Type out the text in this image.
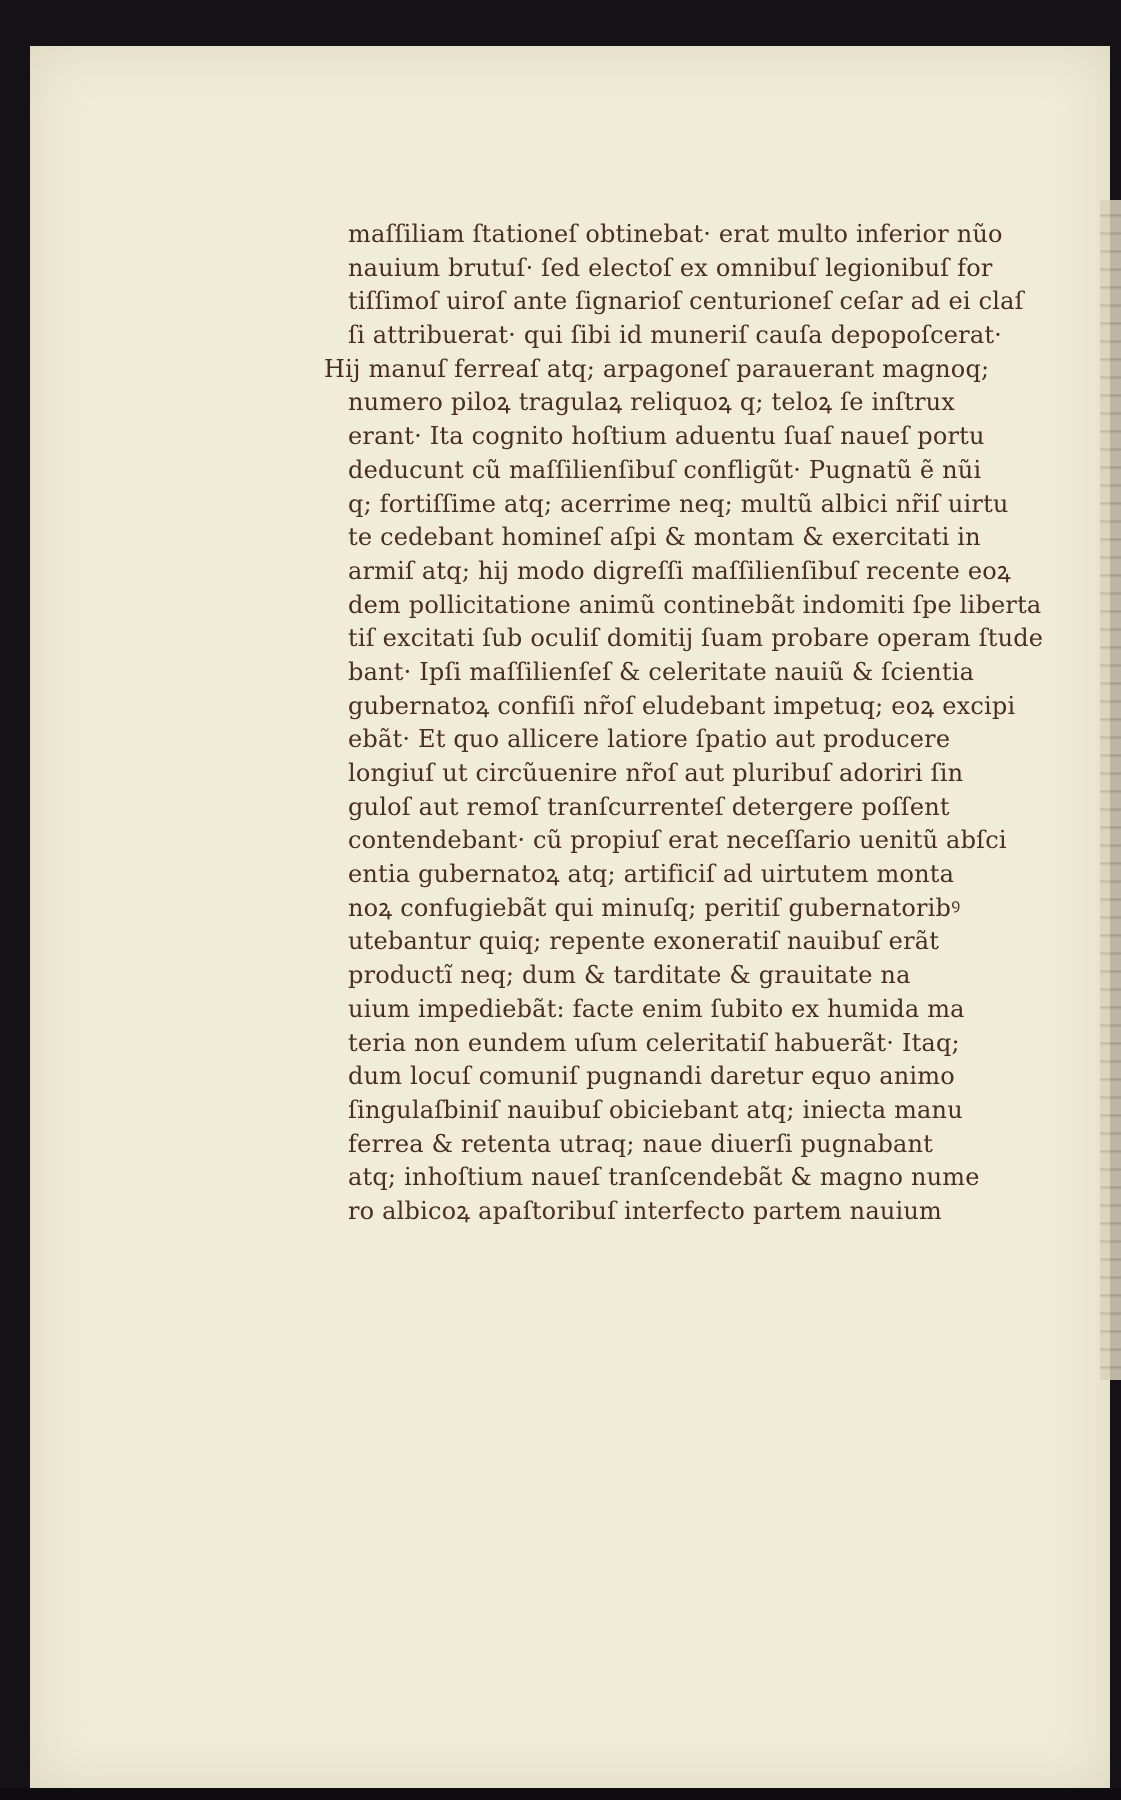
maſſiliam ſtationeſ obtinebat· erat multo inferior nũo
nauium brutuſ· ſed electoſ ex omnibuſ legionibuſ for
tiſſimoſ uiroſ ante ſignarioſ centurioneſ ceſar ad ei claſ
ſi attribuerat· qui ſibi id muneriſ cauſa depopoſcerat·
Hij manuſ ferreaſ atq; arpagoneſ parauerant magnoq;
numero piloꝝ tragulaꝝ reliquoꝝ q; teloꝝ ſe inſtrux
erant· Ita cognito hoſtium aduentu ſuaſ naueſ portu
deducunt cũ maſſilienſibuſ confligũt· Pugnatũ ẽ nũi
q; fortiſſime atq; acerrime neq; multũ albici nr̃iſ uirtu
te cedebant homineſ aſpi & montam & exercitati in
armiſ atq; hij modo digreſſi maſſilienſibuſ recente eoꝝ
dem pollicitatione animũ continebãt indomiti ſpe liberta
tiſ excitati ſub oculiſ domitij ſuam probare operam ſtude
bant· Ipſi maſſilienſeſ & celeritate nauiũ & ſcientia
gubernatoꝝ confiſi nr̃oſ eludebant impetuq; eoꝝ excipi
ebãt· Et quo allicere latiore ſpatio aut producere
longiuſ ut circũuenire nr̃oſ aut pluribuſ adoriri ſin
guloſ aut remoſ tranſcurrenteſ detergere poſſent
contendebant· cũ propiuſ erat neceſſario uenitũ abſci
entia gubernatoꝝ atq; artificiſ ad uirtutem monta
noꝝ confugiebãt qui minuſq; peritiſ gubernatoribꝰ
utebantur quiq; repente exoneratiſ nauibuſ erãt
productĩ neq; dum & tarditate & grauitate na
uium impediebãt: facte enim ſubito ex humida ma
teria non eundem uſum celeritatiſ habuerãt· Itaq;
dum locuſ comuniſ pugnandi daretur equo animo
ſingulaſbiniſ nauibuſ obiciebant atq; iniecta manu
ferrea & retenta utraq; naue diuerſi pugnabant
atq; inhoſtium naueſ tranſcendebãt & magno nume
ro albicoꝝ apaſtoribuſ interfecto partem nauium
